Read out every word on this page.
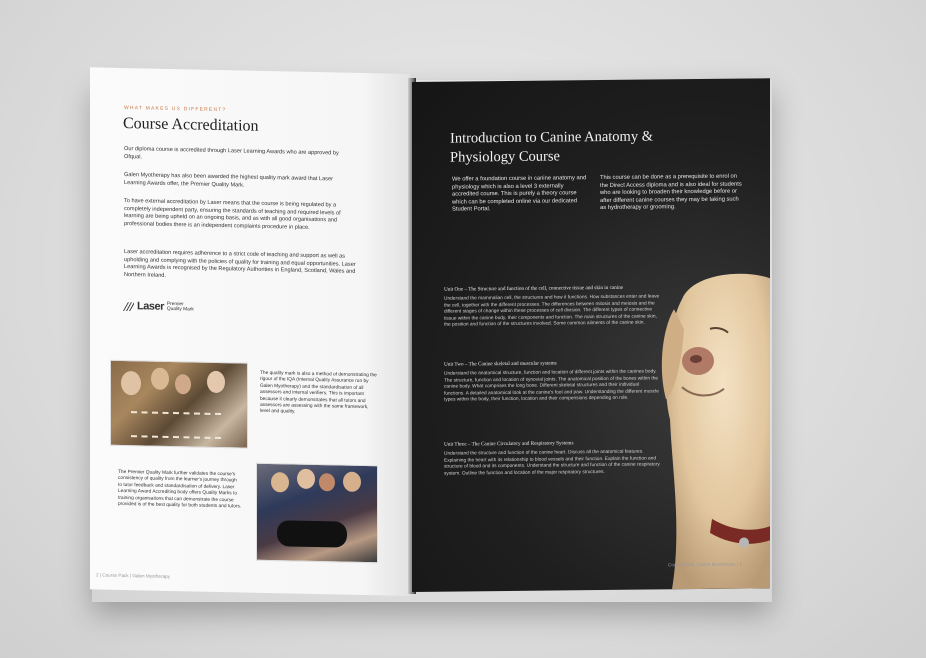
WHAT MAKES US DIFFERENT?
Course Accreditation
Our diploma course is accredited through Laser Learning Awards who are approved by Ofqual.
Galen Myotherapy has also been awarded the highest quality mark award that Laser Learning Awards offer, the Premier Quality Mark.
To have external accreditation by Laser means that the course is being regulated by a completely independent party, ensuring the standards of teaching and required levels of learning are being upheld on an ongoing basis, and as with all good organisations and professional bodies there is an independent complaints procedure in place.
Laser accreditation requires adherence to a strict code of teaching and support as well as upholding and complying with the policies of quality for training and equal opportunities. Laser Learning Awards is recognised by the Regulatory Authorities in England, Scotland, Wales and Northern Ireland.
Laser Premier
Quality Mark
The quality mark is also a method of demonstrating the rigour of the IQA (Internal Quality Assurance run by Galen Myotherapy) and the standardisation of all assessors and internal verifiers. This is important because it clearly demonstrates that all tutors and assessors are assessing with the same framework, level and quality.
The Premier Quality Mark further validates the course's consistency of quality from the learner's journey through to tutor feedback and standardisation of delivery. Laser Learning Award Accrediting body offers Quality Marks to training organisations that can demonstrate the course provided is of the best quality for both students and tutors.
2 | Course Pack | Galen Myotherapy
Introduction to Canine Anatomy & Physiology Course
We offer a foundation course in canine anatomy and physiology which is also a level 3 externally accredited course. This is purely a theory course which can be completed online via our dedicated Student Portal.
This course can be done as a prerequisite to enrol on the Direct Access diploma and is also ideal for students who are looking to broaden their knowledge before or after different canine courses they may be taking such as hydrotherapy or grooming.
Unit One – The Structure and function of the cell, connective tissue and skin in canine
Understand the mammalian cell, the structures and how it functions. How substances enter and leave the cell, together with the different processes. The differences between mitosis and meiosis and the different stages of change within these processes of cell division. The different types of connective tissue within the canine body, their components and function. The main structures of the canine skin, the position and function of the structures involved. Some common ailments of the canine skin.
Unit Two – The Canine skeletal and muscular systems
Understand the anatomical structure, function and location of different joints within the canines body. The structure, function and location of synovial joints. The anatomical position of the bones within the canine body. What comprises the long bone. Different skeletal structures and their individual functions. A detailed anatomical look at the canine's foot and paw. Understanding the different muscle types within the body, their function, location and their compensions depending on role.
Unit Three – The Canine Circulatory and Respiratory Systems
Understand the structure and function of the canine heart. Discuss all the anatomical features. Explaining the heart with its relationship to blood vessels and their function. Explain the function and structure of blood and its components. Understand the structure and function of the canine respiratory system. Outline the function and location of the major respiratory structures.
Course Pack | Galen Myotherapy | 3
